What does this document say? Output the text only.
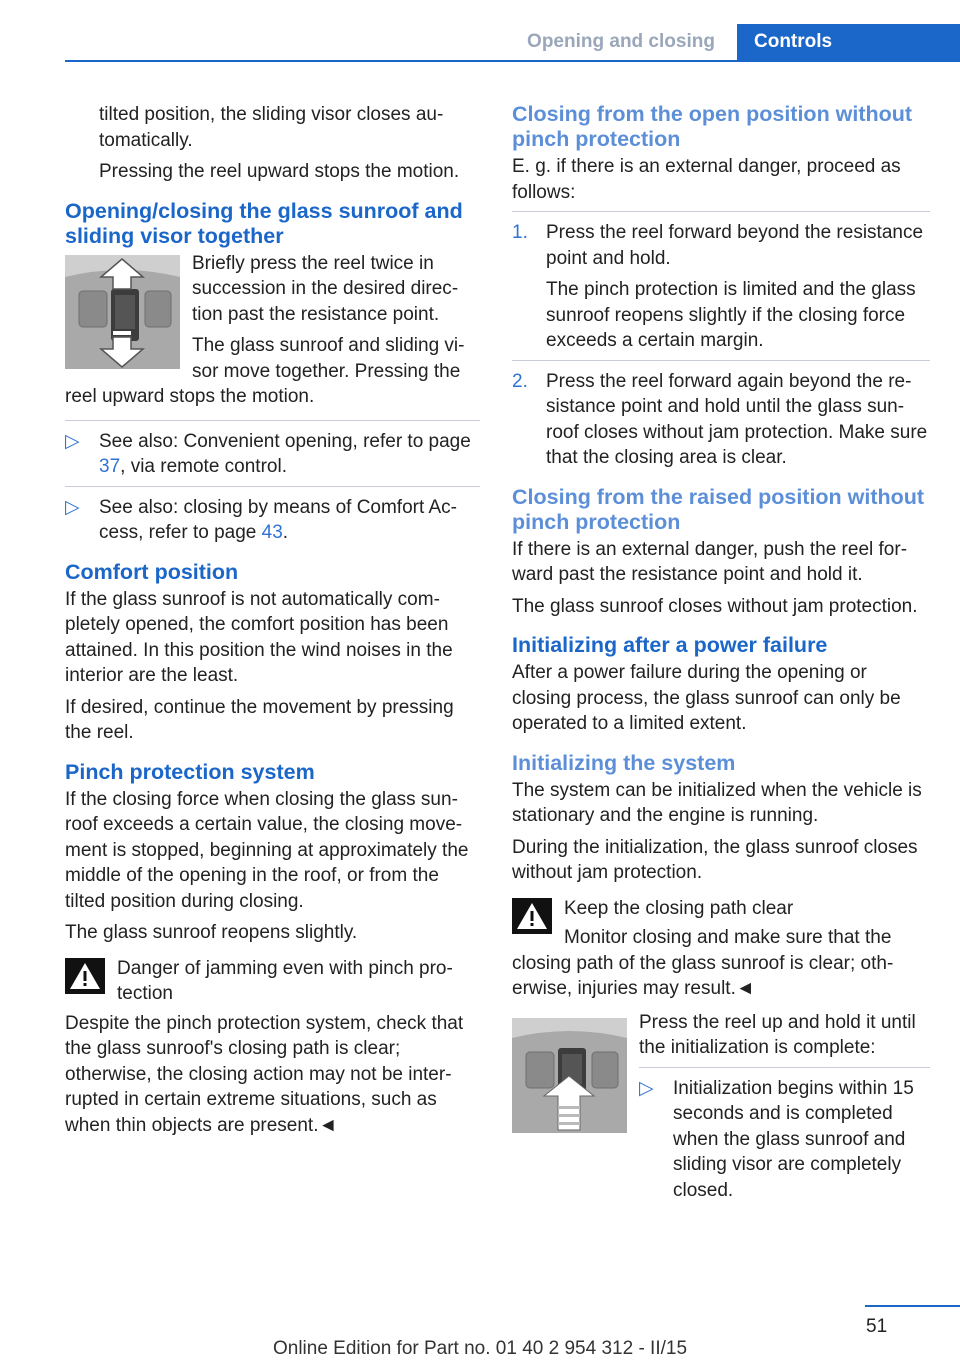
Opening and closing	Controls

tilted position, the sliding visor closes automatically.

Pressing the reel upward stops the motion.

Opening/closing the glass sunroof and sliding visor together

Briefly press the reel twice in succession in the desired direction past the resistance point.

The glass sunroof and sliding visor move together. Pressing the reel upward stops the motion.

▷ See also: Convenient opening, refer to page 37, via remote control.
▷ See also: closing by means of Comfort Access, refer to page 43.
Comfort position

If the glass sunroof is not automatically completely opened, the comfort position has been attained. In this position the wind noises in the interior are the least.

If desired, continue the movement by pressing the reel.

Pinch protection system

If the closing force when closing the glass sunroof exceeds a certain value, the closing movement is stopped, beginning at approximately the middle of the opening in the roof, or from the tilted position during closing.

The glass sunroof reopens slightly.

Danger of jamming even with pinch protection

Despite the pinch protection system, check that the glass sunroof's closing path is clear; otherwise, the closing action may not be interrupted in certain extreme situations, such as when thin objects are present.◄

Closing from the open position without pinch protection

E. g. if there is an external danger, proceed as follows:

1. Press the reel forward beyond the resistance point and hold.

The pinch protection is limited and the glass sunroof reopens slightly if the closing force exceeds a certain margin.

2. Press the reel forward again beyond the resistance point and hold until the glass sunroof closes without jam protection. Make sure that the closing area is clear.

Closing from the raised position without pinch protection

If there is an external danger, push the reel forward past the resistance point and hold it.

The glass sunroof closes without jam protection.

Initializing after a power failure

After a power failure during the opening or closing process, the glass sunroof can only be operated to a limited extent.

Initializing the system

The system can be initialized when the vehicle is stationary and the engine is running.

During the initialization, the glass sunroof closes without jam protection.

Keep the closing path clear

Monitor closing and make sure that the closing path of the glass sunroof is clear; otherwise, injuries may result.◄

Press the reel up and hold it until the initialization is complete:

▷ Initialization begins within 15 seconds and is completed when the glass sunroof and sliding visor are completely closed.
51
Online Edition for Part no. 01 40 2 954 312 - II/15
